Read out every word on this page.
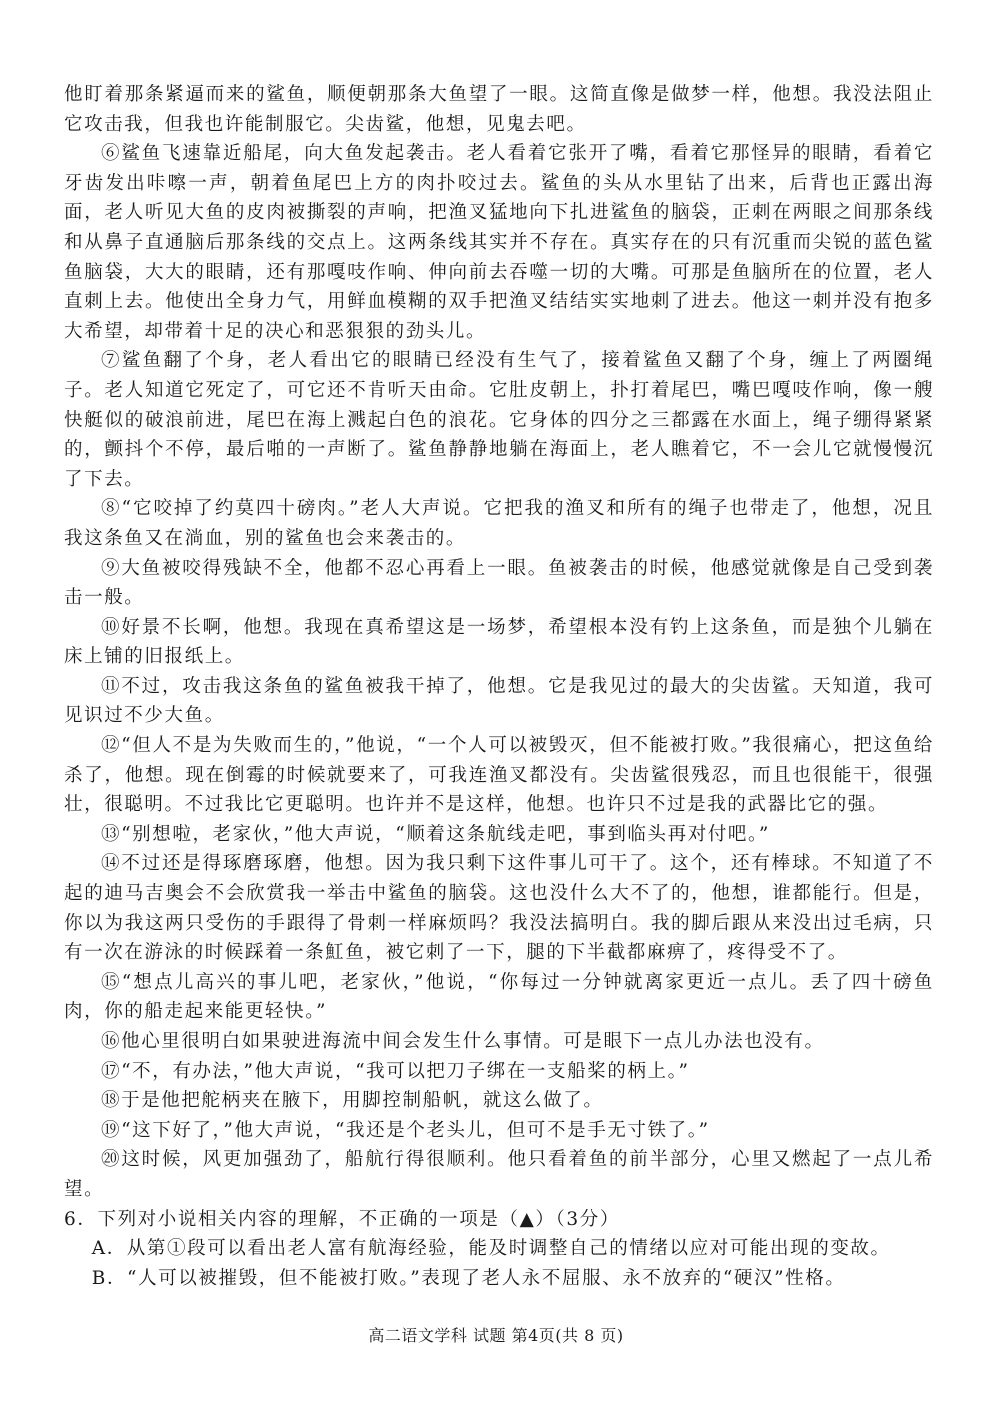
他盯着那条紧逼而来的鲨鱼，顺便朝那条大鱼望了一眼。这简直像是做梦一样，他想。我没法阻止它攻击我，但我也许能制服它。尖齿鲨，他想，见鬼去吧。

⑥鲨鱼飞速靠近船尾，向大鱼发起袭击。老人看着它张开了嘴，看着它那怪异的眼睛，看着它牙齿发出咔嚓一声，朝着鱼尾巴上方的肉扑咬过去。鲨鱼的头从水里钻了出来，后背也正露出海面，老人听见大鱼的皮肉被撕裂的声响，把渔叉猛地向下扎进鲨鱼的脑袋，正刺在两眼之间那条线和从鼻子直通脑后那条线的交点上。这两条线其实并不存在。真实存在的只有沉重而尖锐的蓝色鲨鱼脑袋，大大的眼睛，还有那嘎吱作响、伸向前去吞噬一切的大嘴。可那是鱼脑所在的位置，老人直刺上去。他使出全身力气，用鲜血模糊的双手把渔叉结结实实地刺了进去。他这一刺并没有抱多大希望，却带着十足的决心和恶狠狠的劲头儿。

⑦鲨鱼翻了个身，老人看出它的眼睛已经没有生气了，接着鲨鱼又翻了个身，缠上了两圈绳子。老人知道它死定了，可它还不肯听天由命。它肚皮朝上，扑打着尾巴，嘴巴嘎吱作响，像一艘快艇似的破浪前进，尾巴在海上溅起白色的浪花。它身体的四分之三都露在水面上，绳子绷得紧紧的，颤抖个不停，最后啪的一声断了。鲨鱼静静地躺在海面上，老人瞧着它，不一会儿它就慢慢沉了下去。

⑧“它咬掉了约莫四十磅肉。”老人大声说。它把我的渔叉和所有的绳子也带走了，他想，况且我这条鱼又在淌血，别的鲨鱼也会来袭击的。

⑨大鱼被咬得残缺不全，他都不忍心再看上一眼。鱼被袭击的时候，他感觉就像是自己受到袭击一般。

⑩好景不长啊，他想。我现在真希望这是一场梦，希望根本没有钓上这条鱼，而是独个儿躺在床上铺的旧报纸上。

⑪不过，攻击我这条鱼的鲨鱼被我干掉了，他想。它是我见过的最大的尖齿鲨。天知道，我可见识过不少大鱼。

⑫“但人不是为失败而生的，”他说，“一个人可以被毁灭，但不能被打败。”我很痛心，把这鱼给杀了，他想。现在倒霉的时候就要来了，可我连渔叉都没有。尖齿鲨很残忍，而且也很能干，很强壮，很聪明。不过我比它更聪明。也许并不是这样，他想。也许只不过是我的武器比它的强。

⑬“别想啦，老家伙，”他大声说，“顺着这条航线走吧，事到临头再对付吧。”

⑭不过还是得琢磨琢磨，他想。因为我只剩下这件事儿可干了。这个，还有棒球。不知道了不起的迪马吉奥会不会欣赏我一举击中鲨鱼的脑袋。这也没什么大不了的，他想，谁都能行。但是，你以为我这两只受伤的手跟得了骨刺一样麻烦吗？我没法搞明白。我的脚后跟从来没出过毛病，只有一次在游泳的时候踩着一条魟鱼，被它刺了一下，腿的下半截都麻痹了，疼得受不了。

⑮“想点儿高兴的事儿吧，老家伙，”他说，“你每过一分钟就离家更近一点儿。丢了四十磅鱼肉，你的船走起来能更轻快。”

⑯他心里很明白如果驶进海流中间会发生什么事情。可是眼下一点儿办法也没有。

⑰“不，有办法，”他大声说，“我可以把刀子绑在一支船桨的柄上。”

⑱于是他把舵柄夹在腋下，用脚控制船帆，就这么做了。

⑲“这下好了，”他大声说，“我还是个老头儿，但可不是手无寸铁了。”

⑳这时候，风更加强劲了，船航行得很顺利。他只看着鱼的前半部分，心里又燃起了一点儿希望。

6．下列对小说相关内容的理解，不正确的一项是（▲）（3分）

A．从第①段可以看出老人富有航海经验，能及时调整自己的情绪以应对可能出现的变故。

B．“人可以被摧毁，但不能被打败。”表现了老人永不屈服、永不放弃的“硬汉”性格。

高二语文学科 试题 第4页(共 8 页)
